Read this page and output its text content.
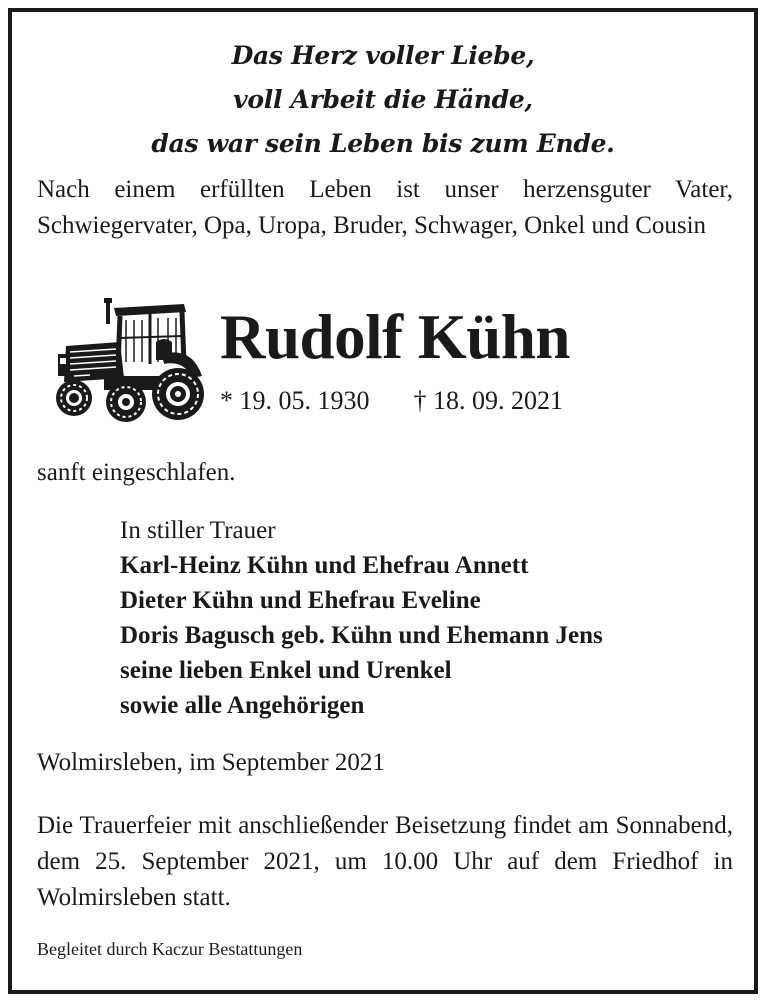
Das Herz voller Liebe,
voll Arbeit die Hände,
das war sein Leben bis zum Ende.
Nach einem erfüllten Leben ist unser herzensguter Vater, Schwiegervater, Opa, Uropa, Bruder, Schwager, Onkel und Cousin
Rudolf Kühn
* 19. 05. 1930 † 18. 09. 2021
sanft eingeschlafen.
In stiller Trauer
Karl-Heinz Kühn und Ehefrau Annett
Dieter Kühn und Ehefrau Eveline
Doris Bagusch geb. Kühn und Ehemann Jens
seine lieben Enkel und Urenkel
sowie alle Angehörigen
Wolmirsleben, im September 2021
Die Trauerfeier mit anschließender Beisetzung findet am Sonnabend, dem 25. September 2021, um 10.00 Uhr auf dem Friedhof in Wolmirsleben statt.
Begleitet durch Kaczur Bestattungen
